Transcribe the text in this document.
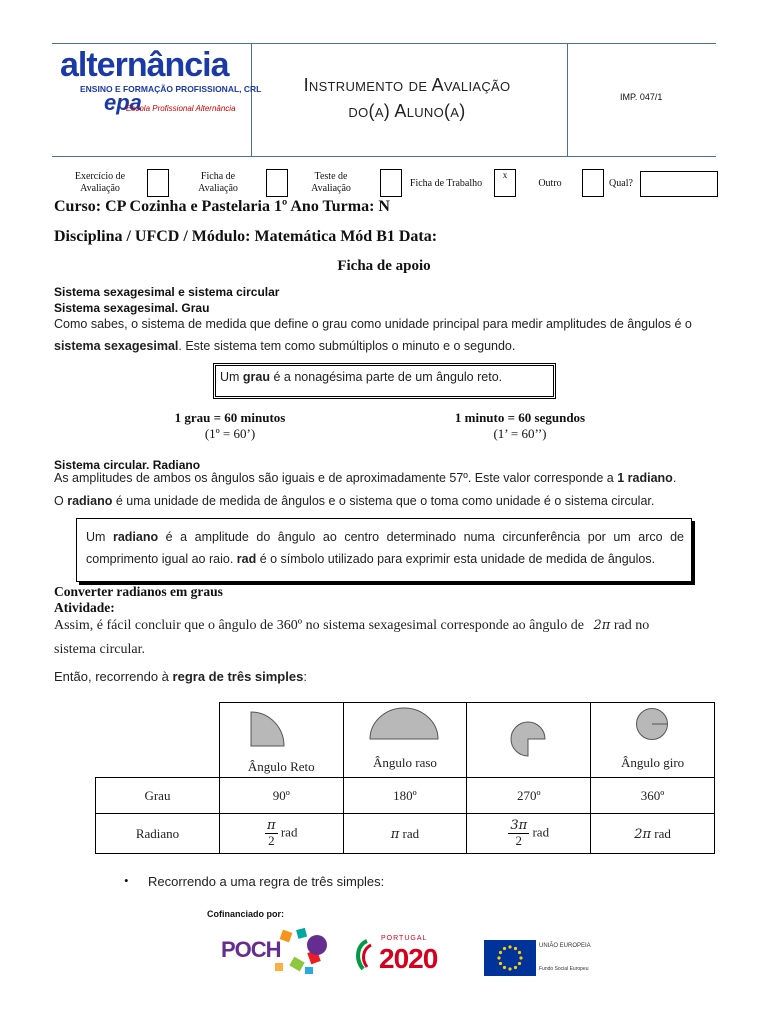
alternância
ENSINO E FORMAÇÃO PROFISSIONAL, CRL
epa
Escola Profissional Alternância
Instrumento de Avaliação
do(a) Aluno(a)
IMP. 047/1
Exercício de Avaliação
Ficha de Avaliação
Teste de Avaliação	Ficha de Trabalho
x
Outro	Qual?
Curso: CP Cozinha e Pastelaria 1º Ano Turma: N
Disciplina / UFCD / Módulo: Matemática Mód B1 Data:
Ficha de apoio
Sistema sexagesimal e sistema circular
Sistema sexagesimal. Grau
Como sabes, o sistema de medida que define o grau como unidade principal para medir amplitudes de ângulos é o
sistema sexagesimal. Este sistema tem como submúltiplos o minuto e o segundo.
Um grau é a nonagésima parte de um ângulo reto.
1 grau = 60 minutos
(1º = 60’)
1 minuto = 60 segundos
(1’ = 60’’)
Sistema circular. Radiano
As amplitudes de ambos os ângulos são iguais e de aproximadamente 57º. Este valor corresponde a 1 radiano.
O radiano é uma unidade de medida de ângulos e o sistema que o toma como unidade é o sistema circular.
Um radiano é a amplitude do ângulo ao centro determinado numa circunferência por um arco de comprimento igual ao raio. rad é o símbolo utilizado para exprimir esta unidade de medida de ângulos.
Converter radianos em graus
Atividade:
Assim, é fácil concluir que o ângulo de 360º no sistema sexagesimal corresponde ao ângulo de 2π rad no
sistema circular.
Então, recorrendo à regra de três simples:

	Ângulo Reto	Ângulo raso		Ângulo giro

Grau	90º	180º	270º	360º
Radiano	$\frac{\pi}{2}$ rad	π rad	$\frac{3\pi}{2}$ rad	2π rad
• Recorrendo a uma regra de três simples:
Cofinanciado por:
POCH	PORTUGAL
2020	UNIÃO EUROPEIA
Fundo Social Europeu
